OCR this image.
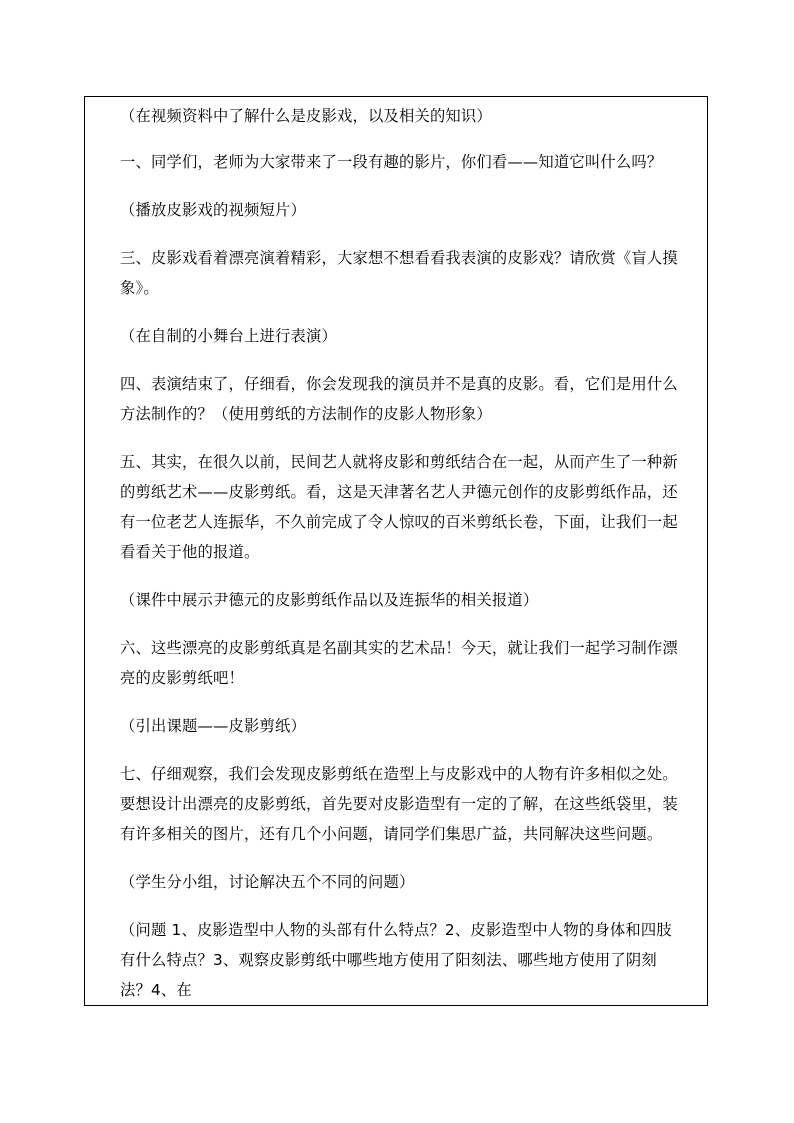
（在视频资料中了解什么是皮影戏，以及相关的知识）

一、同学们，老师为大家带来了一段有趣的影片，你们看——知道它叫什么吗？

（播放皮影戏的视频短片）

三、皮影戏看着漂亮演着精彩，大家想不想看看我表演的皮影戏？请欣赏《盲人摸象》。

（在自制的小舞台上进行表演）

四、表演结束了，仔细看，你会发现我的演员并不是真的皮影。看，它们是用什么方法制作的？（使用剪纸的方法制作的皮影人物形象）

五、其实，在很久以前，民间艺人就将皮影和剪纸结合在一起，从而产生了一种新的剪纸艺术——皮影剪纸。看，这是天津著名艺人尹德元创作的皮影剪纸作品，还有一位老艺人连振华，不久前完成了令人惊叹的百米剪纸长卷，下面，让我们一起看看关于他的报道。

（课件中展示尹德元的皮影剪纸作品以及连振华的相关报道）

六、这些漂亮的皮影剪纸真是名副其实的艺术品！今天，就让我们一起学习制作漂亮的皮影剪纸吧！

（引出课题——皮影剪纸）

七、仔细观察，我们会发现皮影剪纸在造型上与皮影戏中的人物有许多相似之处。要想设计出漂亮的皮影剪纸，首先要对皮影造型有一定的了解，在这些纸袋里，装有许多相关的图片，还有几个小问题，请同学们集思广益，共同解决这些问题。

（学生分小组，讨论解决五个不同的问题）

（问题 1、皮影造型中人物的头部有什么特点？2、皮影造型中人物的身体和四肢有什么特点？3、观察皮影剪纸中哪些地方使用了阳刻法、哪些地方使用了阴刻法？4、在
